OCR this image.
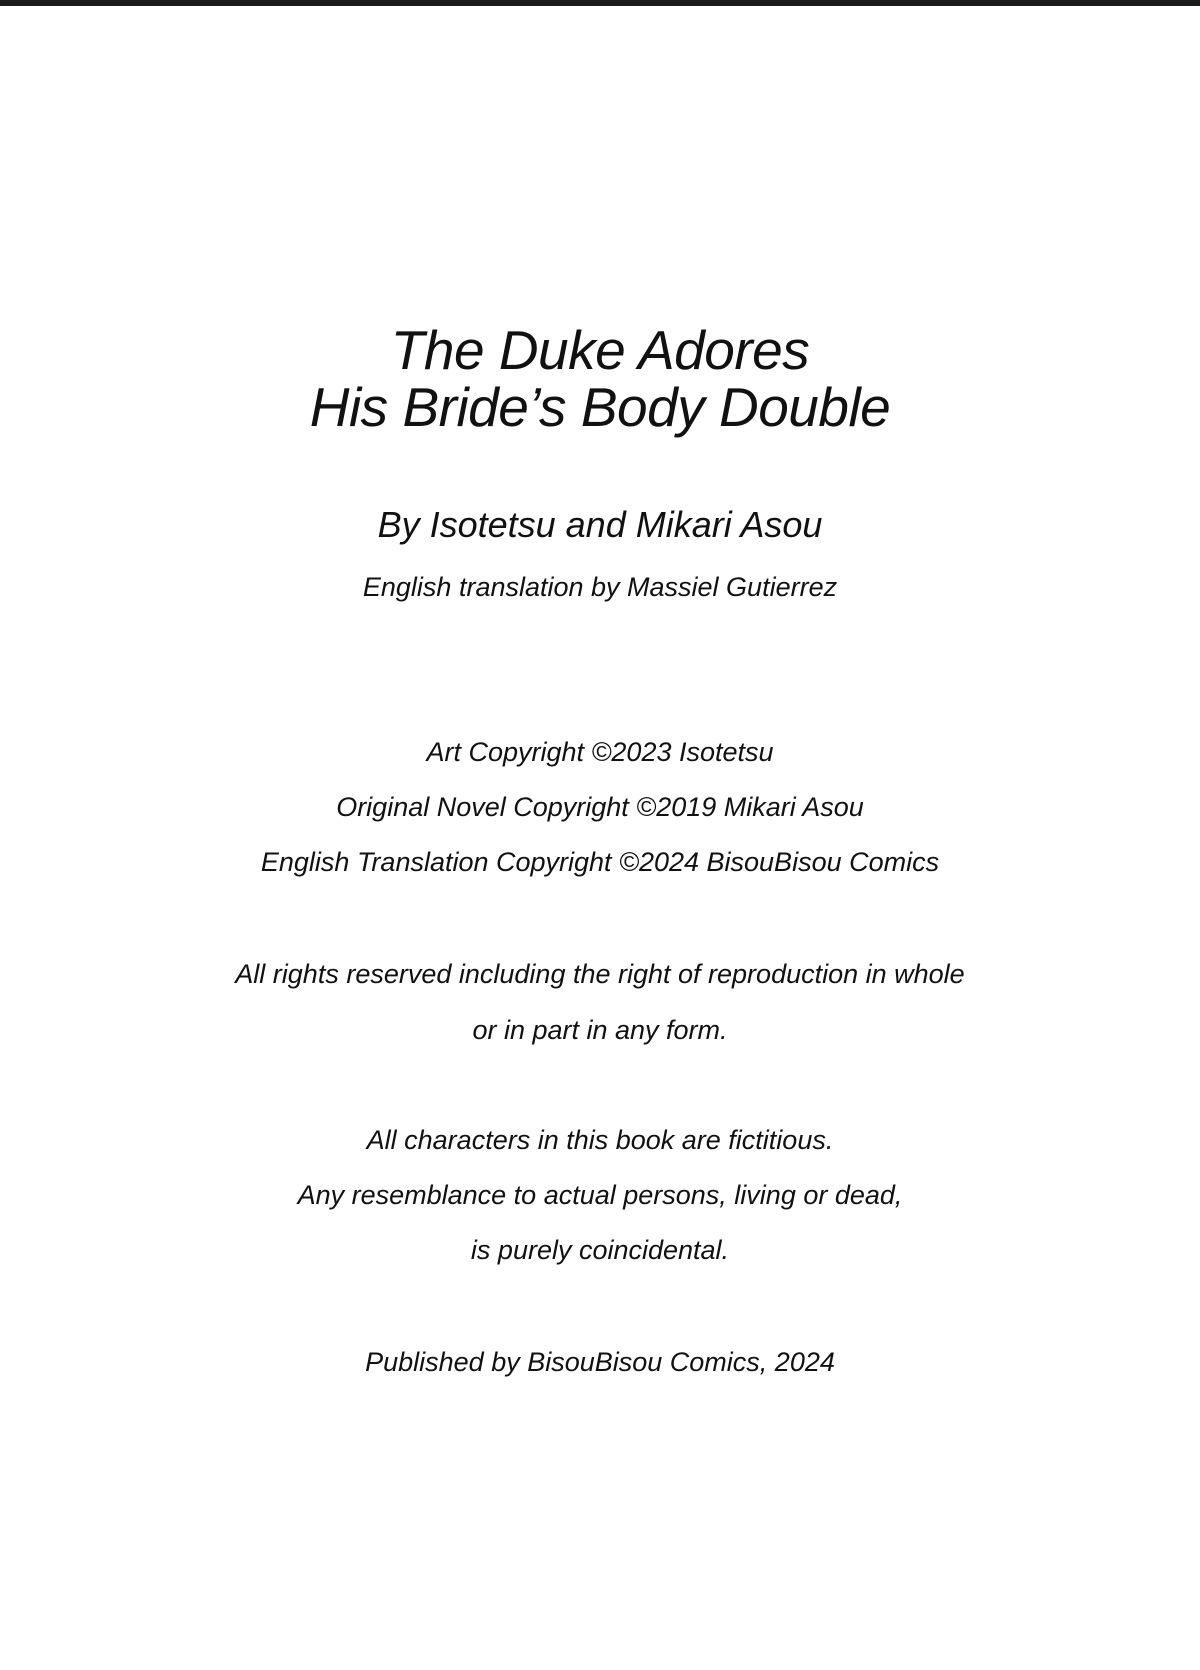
The Duke Adores
His Bride’s Body Double
By Isotetsu and Mikari Asou
English translation by Massiel Gutierrez
Art Copyright ©2023 Isotetsu
Original Novel Copyright ©2019 Mikari Asou
English Translation Copyright ©2024 BisouBisou Comics
All rights reserved including the right of reproduction in whole
or in part in any form.
All characters in this book are fictitious.
Any resemblance to actual persons, living or dead,
is purely coincidental.
Published by BisouBisou Comics, 2024
